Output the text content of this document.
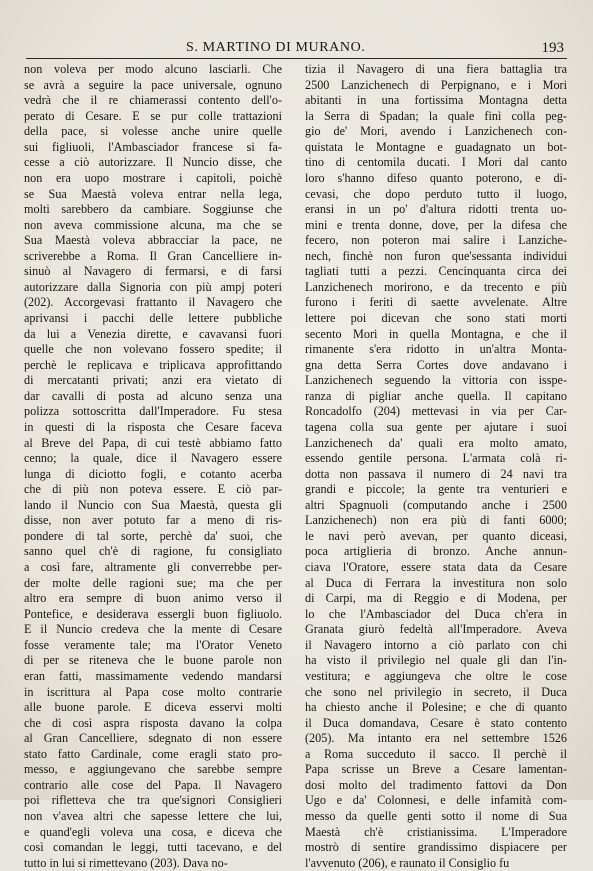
S. MARTINO DI MURANO.	193
non voleva per modo alcuno lasciarli. Che
se avrà a seguire la pace universale, ognuno
vedrà che il re chiamerassi contento dell'o-
perato di Cesare. E se pur colle trattazioni
della pace, si volesse anche unire quelle
sui figliuoli, l'Ambasciador francese si fa-
cesse a ciò autorizzare. Il Nuncio disse, che
non era uopo mostrare i capitoli, poichè
se Sua Maestà voleva entrar nella lega,
molti sarebbero da cambiare. Soggiunse che
non aveva commissione alcuna, ma che se
Sua Maestà voleva abbracciar la pace, ne
scriverebbe a Roma. Il Gran Cancelliere in-
sinuò al Navagero di fermarsi, e di farsi
autorizzare dalla Signoria con più ampj poteri
(202). Accorgevasi frattanto il Navagero che
aprivansi i pacchi delle lettere pubbliche
da lui a Venezia dirette, e cavavansi fuori
quelle che non volevano fossero spedite; il
perchè le replicava e triplicava approfittando
di mercatanti privati; anzi era vietato di
dar cavalli di posta ad alcuno senza una
polizza sottoscritta dall'Imperadore. Fu stesa
in questi di la risposta che Cesare faceva
al Breve del Papa, di cui testè abbiamo fatto
cenno; la quale, dice il Navagero essere
lunga di diciotto fogli, e cotanto acerba
che di più non poteva essere. E ciò par-
lando il Nuncio con Sua Maestà, questa gli
disse, non aver potuto far a meno di ris-
pondere di tal sorte, perchè da' suoi, che
sanno quel ch'è di ragione, fu consigliato
a così fare, altramente gli converrebbe per-
der molte delle ragioni sue; ma che per
altro era sempre di buon animo verso il
Pontefice, e desiderava essergli buon figliuolo.
E il Nuncio credeva che la mente di Cesare
fosse veramente tale; ma l'Orator Veneto
di per se riteneva che le buone parole non
eran fatti, massimamente vedendo mandarsi
in iscrittura al Papa cose molto contrarie
alle buone parole. E diceva esservi molti
che di così aspra risposta davano la colpa
al Gran Cancelliere, sdegnato di non essere
stato fatto Cardinale, come eragli stato pro-
messo, e aggiungevano che sarebbe sempre
contrario alle cose del Papa. Il Navagero
poi rifletteva che tra que'signori Consiglieri
non v'avea altri che sapesse lettere che lui,
e quand'egli voleva una cosa, e diceva che
così comandan le leggi, tutti tacevano, e del
tutto in lui si rimettevano (203). Dava no-
tizia il Navagero di una fiera battaglia tra
2500 Lanzichenech di Perpignano, e i Mori
abitanti in una fortissima Montagna detta
la Serra di Spadan; la quale finì colla peg-
gio de' Mori, avendo i Lanzichenech con-
quistata le Montagne e guadagnato un bot-
tino di centomila ducati. I Mori dal canto
loro s'hanno difeso quanto poterono, e di-
cevasi, che dopo perduto tutto il luogo,
eransi in un po' d'altura ridotti trenta uo-
mini e trenta donne, dove, per la difesa che
fecero, non poteron mai salire i Lanziche-
nech, finchè non furon que'sessanta individui
tagliati tutti a pezzi. Cencinquanta circa dei
Lanzichenech morirono, e da trecento e più
furono i feriti di saette avvelenate. Altre
lettere poi dicevan che sono stati morti
secento Mori in quella Montagna, e che il
rimanente s'era ridotto in un'altra Monta-
gna detta Serra Cortes dove andavano i
Lanzichenech seguendo la vittoria con isspe-
ranza di pigliar anche quella. Il capitano
Roncadolfo (204) mettevasi in via per Car-
tagena colla sua gente per ajutare i suoi
Lanzichenech da' quali era molto amato,
essendo gentile persona. L'armata colà ri-
dotta non passava il numero di 24 navi tra
grandi e piccole; la gente tra venturieri e
altri Spagnuoli (computando anche i 2500
Lanzichenech) non era più di fanti 6000;
le navi però avevan, per quanto diceasi,
poca artiglieria di bronzo. Anche annun-
ciava l'Oratore, essere stata data da Cesare
al Duca di Ferrara la investitura non solo
di Carpi, ma di Reggio e di Modena, per
lo che l'Ambasciador del Duca ch'era in
Granata giurò fedeltà all'Imperadore. Aveva
il Navagero intorno a ciò parlato con chi
ha visto il privilegio nel quale gli dan l'in-
vestitura; e aggiungeva che oltre le cose
che sono nel privilegio in secreto, il Duca
ha chiesto anche il Polesine; e che di quanto
il Duca domandava, Cesare è stato contento
(205). Ma intanto era nel settembre 1526
a Roma succeduto il sacco. Il perchè il
Papa scrisse un Breve a Cesare lamentan-
dosi molto del tradimento fattovi da Don
Ugo e da' Colonnesi, e delle infamità com-
messo da quelle genti sotto il nome di Sua
Maestà ch'è cristianissima. L'Imperadore
mostrò di sentire grandissimo dispiacere per
l'avvenuto (206), e raunato il Consiglio fu
